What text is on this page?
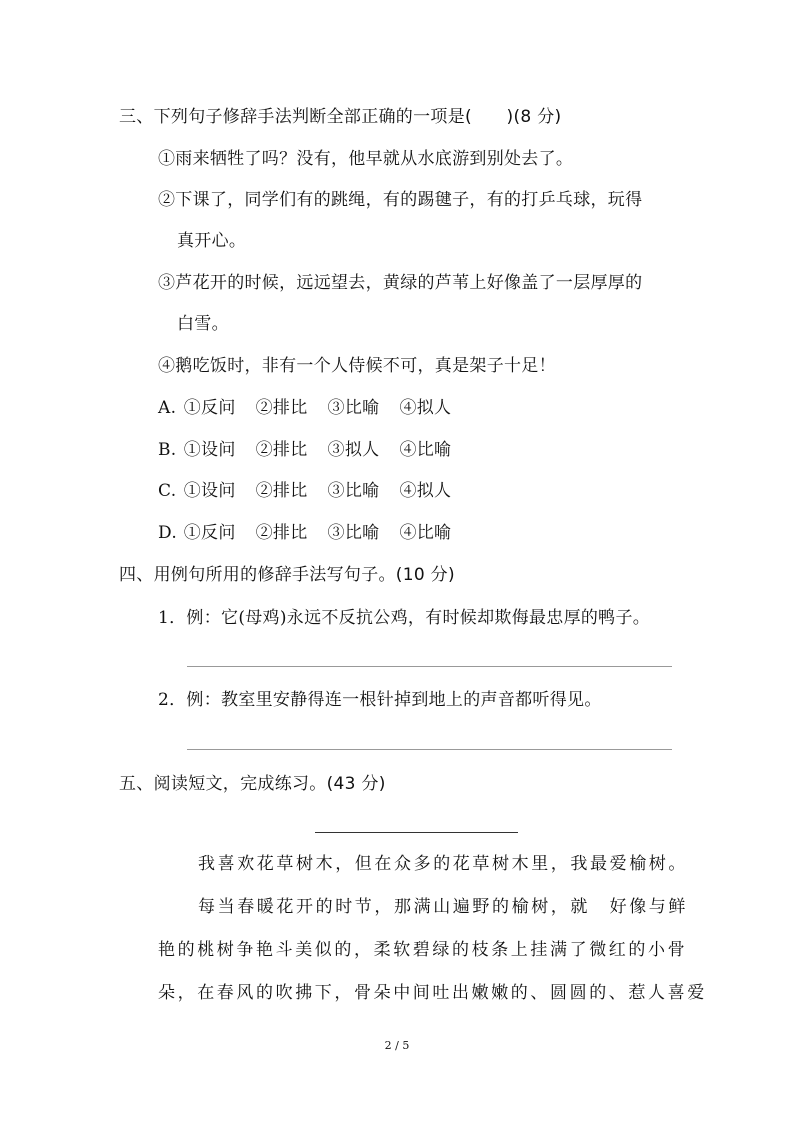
三、下列句子修辞手法判断全部正确的一项是(　　)(8 分)
①雨来牺牲了吗？没有，他早就从水底游到别处去了。
②下课了，同学们有的跳绳，有的踢毽子，有的打乒乓球，玩得
真开心。
③芦花开的时候，远远望去，黄绿的芦苇上好像盖了一层厚厚的
白雪。
④鹅吃饭时，非有一个人侍候不可，真是架子十足！
A. ①反问 ②排比 ③比喻 ④拟人
B. ①设问 ②排比 ③拟人 ④比喻
C. ①设问 ②排比 ③比喻 ④拟人
D. ①反问 ②排比 ③比喻 ④比喻
四、用例句所用的修辞手法写句子。(10 分)
1．例：它(母鸡)永远不反抗公鸡，有时候却欺侮最忠厚的鸭子。
2．例：教室里安静得连一根针掉到地上的声音都听得见。
五、阅读短文，完成练习。(43 分)
我喜欢花草树木，但在众多的花草树木里，我最爱榆树。
每当春暖花开的时节，那满山遍野的榆树，就　好像与鲜
艳的桃树争艳斗美似的，柔软碧绿的枝条上挂满了微红的小骨
朵，在春风的吹拂下，骨朵中间吐出嫩嫩的、圆圆的、惹人喜爱
2 / 5
